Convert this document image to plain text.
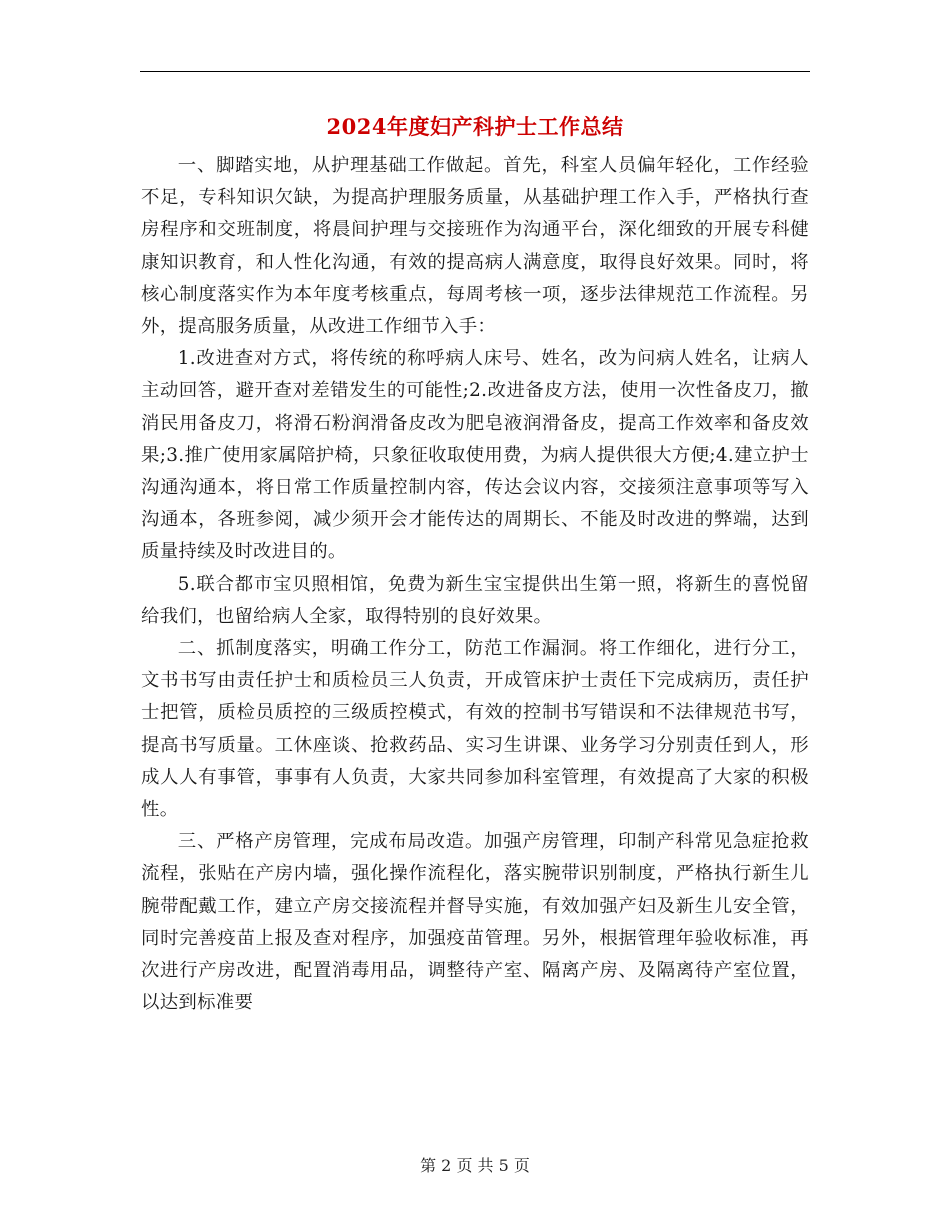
2024年度妇产科护士工作总结

一、脚踏实地，从护理基础工作做起。首先，科室人员偏年轻化，工作经验不足，专科知识欠缺，为提高护理服务质量，从基础护理工作入手，严格执行查房程序和交班制度，将晨间护理与交接班作为沟通平台，深化细致的开展专科健康知识教育，和人性化沟通，有效的提高病人满意度，取得良好效果。同时，将核心制度落实作为本年度考核重点，每周考核一项，逐步法律规范工作流程。另外，提高服务质量，从改进工作细节入手：

1.改进查对方式，将传统的称呼病人床号、姓名，改为问病人姓名，让病人主动回答，避开查对差错发生的可能性;2.改进备皮方法，使用一次性备皮刀，撤消民用备皮刀，将滑石粉润滑备皮改为肥皂液润滑备皮，提高工作效率和备皮效果;3.推广使用家属陪护椅，只象征收取使用费，为病人提供很大方便;4.建立护士沟通沟通本，将日常工作质量控制内容，传达会议内容，交接须注意事项等写入沟通本，各班参阅，减少须开会才能传达的周期长、不能及时改进的弊端，达到质量持续及时改进目的。

5.联合都市宝贝照相馆，免费为新生宝宝提供出生第一照，将新生的喜悦留给我们，也留给病人全家，取得特别的良好效果。

二、抓制度落实，明确工作分工，防范工作漏洞。将工作细化，进行分工，文书书写由责任护士和质检员三人负责，开成管床护士责任下完成病历，责任护士把管，质检员质控的三级质控模式，有效的控制书写错误和不法律规范书写，提高书写质量。工休座谈、抢救药品、实习生讲课、业务学习分别责任到人，形成人人有事管，事事有人负责，大家共同参加科室管理，有效提高了大家的积极性。

三、严格产房管理，完成布局改造。加强产房管理，印制产科常见急症抢救流程，张贴在产房内墙，强化操作流程化，落实腕带识别制度，严格执行新生儿腕带配戴工作，建立产房交接流程并督导实施，有效加强产妇及新生儿安全管，同时完善疫苗上报及查对程序，加强疫苗管理。另外，根据管理年验收标准，再次进行产房改进，配置消毒用品，调整待产室、隔离产房、及隔离待产室位置，以达到标准要

第 2 页 共 5 页
